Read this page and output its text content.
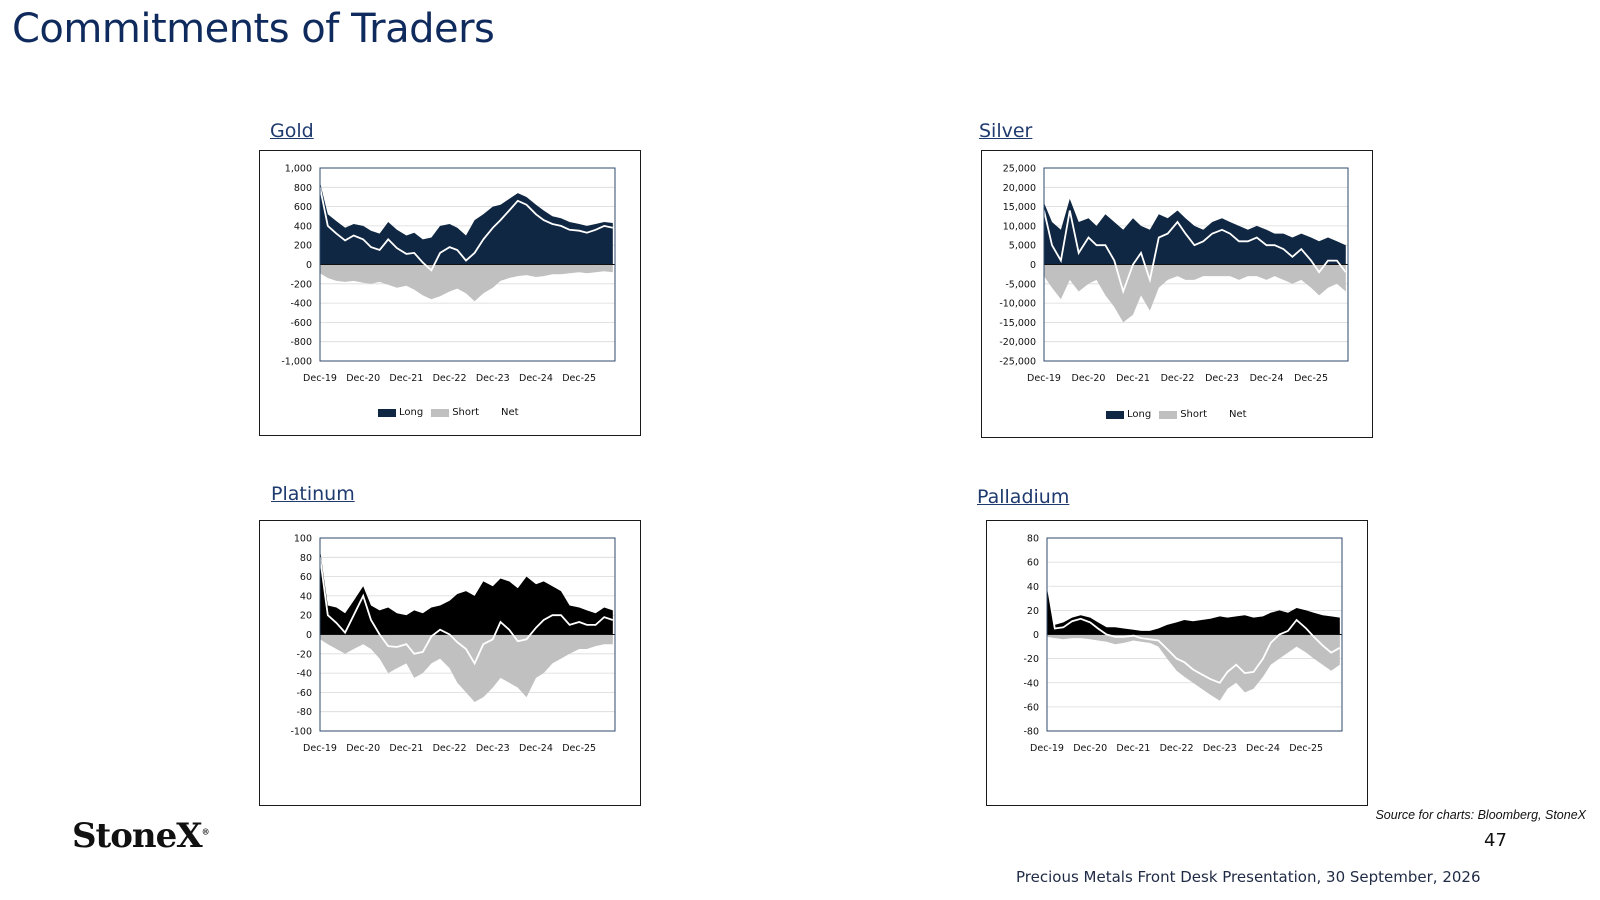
Commitments of Traders
Gold
1,000
800
600
400
200
0
-200
-400
-600
-800
-1,000
Dec-19 Dec-20 Dec-21 Dec-22 Dec-23 Dec-24 Dec-25
Long	Short Net
Silver
25,000
20,000
15,000
10,000
5,000
0
-5,000
-10,000
-15,000
-20,000
-25,000
Dec-19 Dec-20 Dec-21 Dec-22 Dec-23 Dec-24 Dec-25
Long	Short Net
Platinum
100
80
60
40
20
0
-20
-40
-60
-80
-100
Dec-19 Dec-20 Dec-21 Dec-22 Dec-23 Dec-24 Dec-25
Palladium
80
60
40
20
0
-20
-40
-60
-80
Dec-19 Dec-20 Dec-21 Dec-22 Dec-23 Dec-24 Dec-25
StoneX®
Source for charts: Bloomberg, StoneX
47
Precious Metals Front Desk Presentation, 30 September, 2026
